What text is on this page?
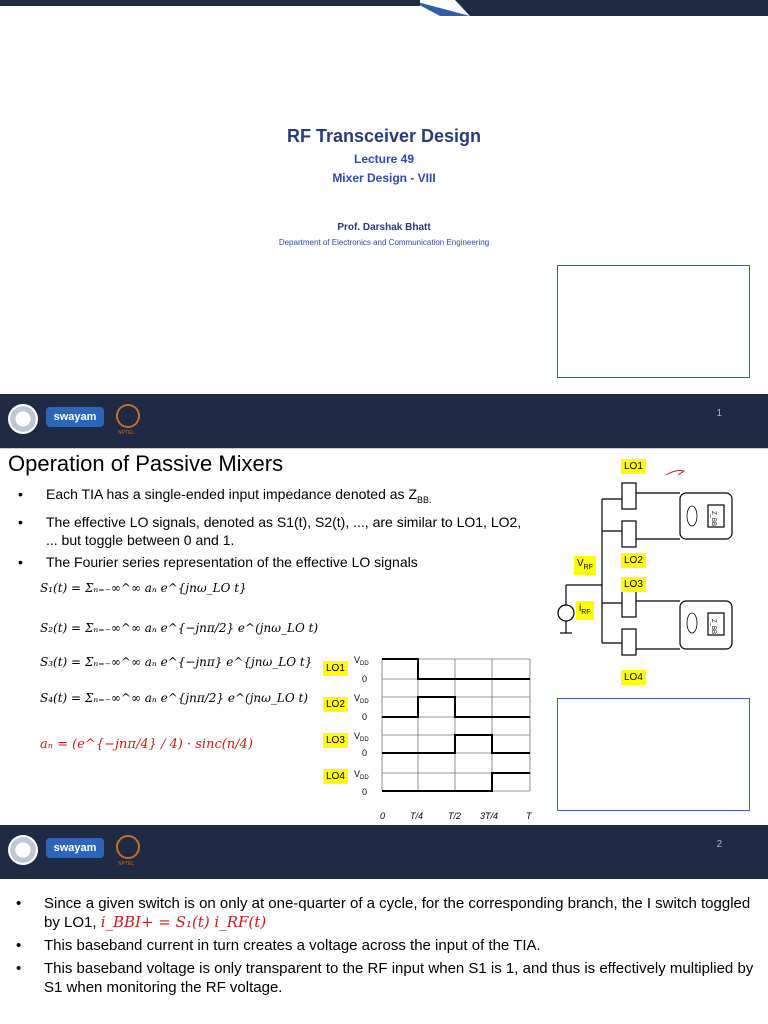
RF Transceiver Design
Lecture 49
Mixer Design - VIII
Prof. Darshak Bhatt
Department of Electronics and Communication Engineering
swayam
NPTEL
1
Operation of Passive Mixers
• Each TIA has a single-ended input impedance denoted as $Z_{BB.}$
• The effective LO signals, denoted as S1(t), S2(t), ..., are similar to LO1, LO2, ... but toggle between 0 and 1.
• The Fourier series representation of the effective LO signals
S₁(t) = Σₙ₌₋∞^∞ aₙ e^{jnω_LO t}
S₂(t) = Σₙ₌₋∞^∞ aₙ e^{−jnπ/2} e^(jnω_LO t)
S₃(t) = Σₙ₌₋∞^∞ aₙ e^{−jnπ} e^{jnω_LO t}
S₄(t) = Σₙ₌₋∞^∞ aₙ e^{jnπ/2} e^(jnω_LO t)
aₙ = (e^{−jnπ/4} / 4) · sinc(n/4)
$V_{DD}$
0
$V_{DD}$
0
$V_{DD}$
0
$V_{DD}$
0
0	T/4	T/2 3T/4	T
LO1
LO2
LO3
LO4
Z_BB
Z_BB
LO1
LO2
LO3
LO4
$V_{RF}$
$i_{RF}$
swayam
NPTEL
2
• Since a given switch is on only at one-quarter of a cycle, for the corresponding branch, the I switch toggled by LO1, i_BBI+ = S₁(t) i_RF(t)
• This baseband current in turn creates a voltage across the input of the TIA.
• This baseband voltage is only transparent to the RF input when S1 is 1, and thus is effectively multiplied by S1 when monitoring the RF voltage.
